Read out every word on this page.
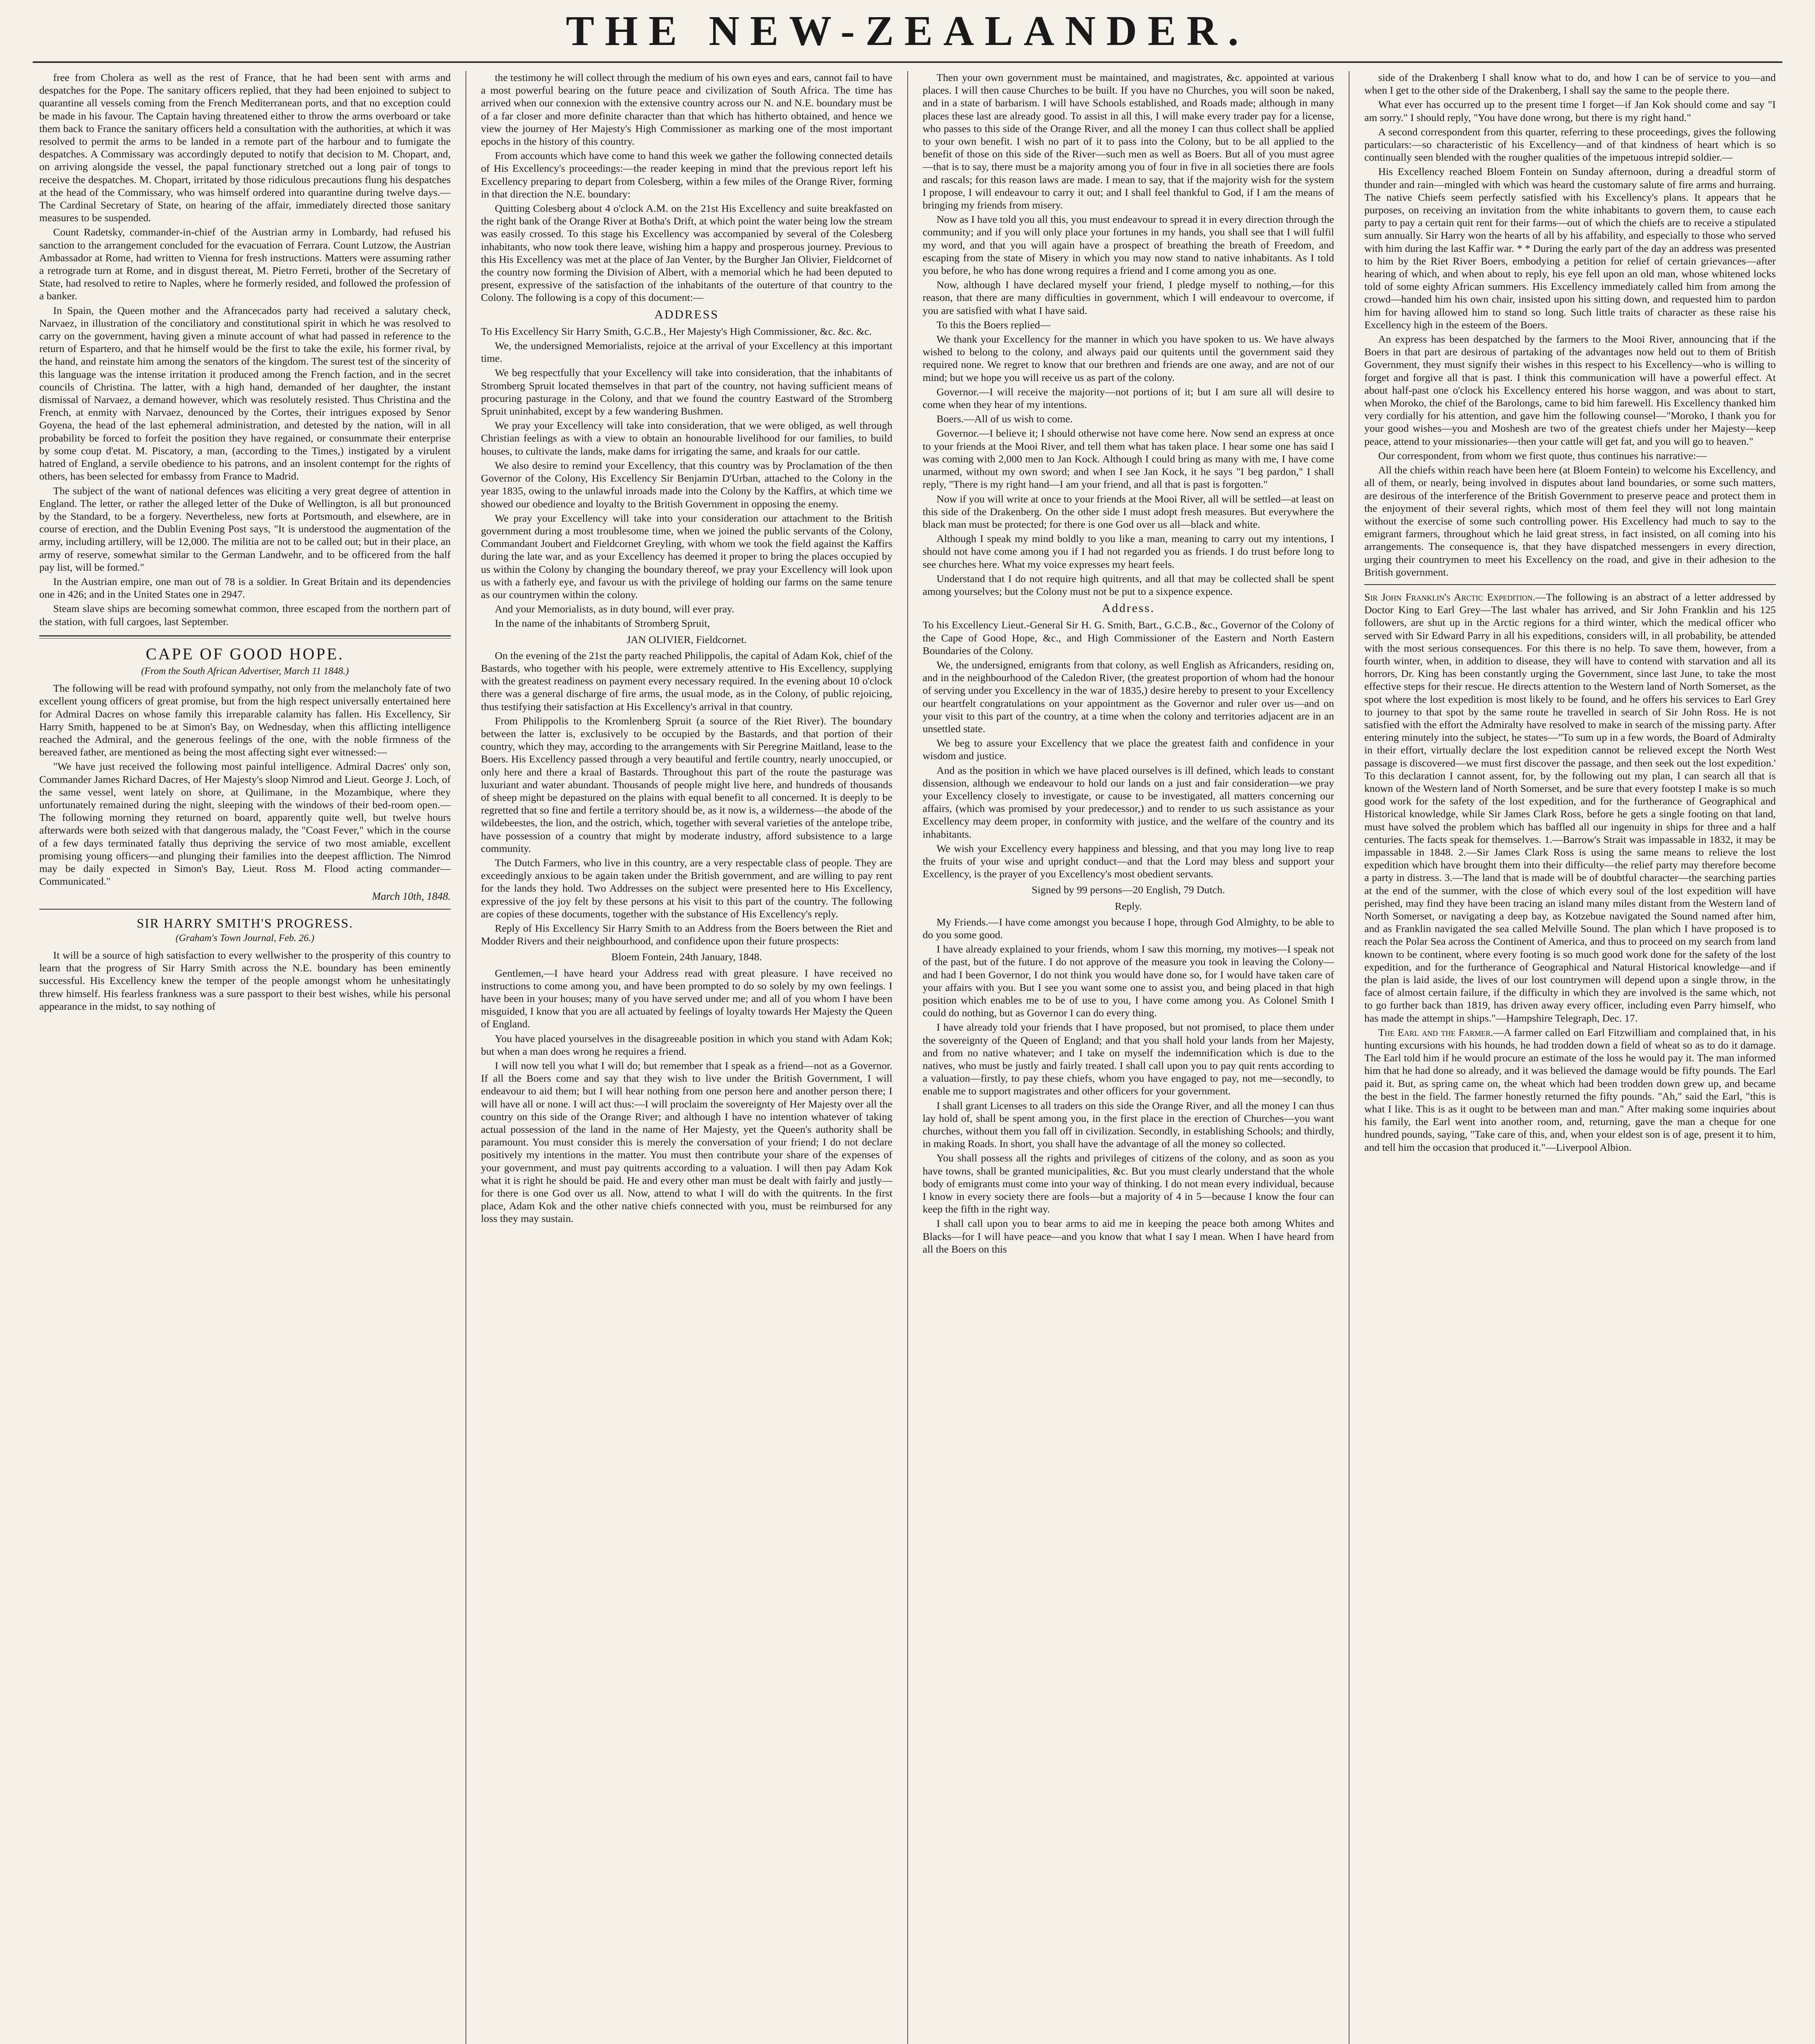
THE NEW-ZEALANDER.

free from Cholera as well as the rest of France, that he had been sent with arms and despatches for the Pope. The sanitary officers replied, that they had been enjoined to subject to quarantine all vessels coming from the French Mediterranean ports, and that no exception could be made in his favour. The Captain having threatened either to throw the arms overboard or take them back to France the sanitary officers held a consultation with the authorities, at which it was resolved to permit the arms to be landed in a remote part of the harbour and to fumigate the despatches. A Commissary was accordingly deputed to notify that decision to M. Chopart, and, on arriving alongside the vessel, the papal functionary stretched out a long pair of tongs to receive the despatches. M. Chopart, irritated by those ridiculous precautions flung his despatches at the head of the Commissary, who was himself ordered into quarantine during twelve days.—The Cardinal Secretary of State, on hearing of the affair, immediately directed those sanitary measures to be suspended.

Count Radetsky, commander-in-chief of the Austrian army in Lombardy, had refused his sanction to the arrangement concluded for the evacuation of Ferrara. Count Lutzow, the Austrian Ambassador at Rome, had written to Vienna for fresh instructions. Matters were assuming rather a retrograde turn at Rome, and in disgust thereat, M. Pietro Ferreti, brother of the Secretary of State, had resolved to retire to Naples, where he formerly resided, and followed the profession of a banker.

In Spain, the Queen mother and the Afrancecados party had received a salutary check, Narvaez, in illustration of the conciliatory and constitutional spirit in which he was resolved to carry on the government, having given a minute account of what had passed in reference to the return of Espartero, and that he himself would be the first to take the exile, his former rival, by the hand, and reinstate him among the senators of the kingdom. The surest test of the sincerity of this language was the intense irritation it produced among the French faction, and in the secret councils of Christina. The latter, with a high hand, demanded of her daughter, the instant dismissal of Narvaez, a demand however, which was resolutely resisted. Thus Christina and the French, at enmity with Narvaez, denounced by the Cortes, their intrigues exposed by Senor Goyena, the head of the last ephemeral administration, and detested by the nation, will in all probability be forced to forfeit the position they have regained, or consummate their enterprise by some coup d'etat. M. Piscatory, a man, (according to the Times,) instigated by a virulent hatred of England, a servile obedience to his patrons, and an insolent contempt for the rights of others, has been selected for embassy from France to Madrid.

The subject of the want of national defences was eliciting a very great degree of attention in England. The letter, or rather the alleged letter of the Duke of Wellington, is all but pronounced by the Standard, to be a forgery. Nevertheless, new forts at Portsmouth, and elsewhere, are in course of erection, and the Dublin Evening Post says, "It is understood the augmentation of the army, including artillery, will be 12,000. The militia are not to be called out; but in their place, an army of reserve, somewhat similar to the German Landwehr, and to be officered from the half pay list, will be formed."

In the Austrian empire, one man out of 78 is a soldier. In Great Britain and its dependencies one in 426; and in the United States one in 2947.

Steam slave ships are becoming somewhat common, three escaped from the northern part of the station, with full cargoes, last September.

CAPE OF GOOD HOPE.
(From the South African Advertiser, March 11 1848.)

The following will be read with profound sympathy, not only from the melancholy fate of two excellent young officers of great promise, but from the high respect universally entertained here for Admiral Dacres on whose family this irreparable calamity has fallen. His Excellency, Sir Harry Smith, happened to be at Simon's Bay, on Wednesday, when this afflicting intelligence reached the Admiral, and the generous feelings of the one, with the noble firmness of the bereaved father, are mentioned as being the most affecting sight ever witnessed:—

"We have just received the following most painful intelligence. Admiral Dacres' only son, Commander James Richard Dacres, of Her Majesty's sloop Nimrod and Lieut. George J. Loch, of the same vessel, went lately on shore, at Quilimane, in the Mozambique, where they unfortunately remained during the night, sleeping with the windows of their bed-room open.—The following morning they returned on board, apparently quite well, but twelve hours afterwards were both seized with that dangerous malady, the "Coast Fever," which in the course of a few days terminated fatally thus depriving the service of two most amiable, excellent promising young officers—and plunging their families into the deepest affliction. The Nimrod may be daily expected in Simon's Bay, Lieut. Ross M. Flood acting commander—Communicated."

March 10th, 1848.
SIR HARRY SMITH'S PROGRESS.
(Graham's Town Journal, Feb. 26.)

It will be a source of high satisfaction to every wellwisher to the prosperity of this country to learn that the progress of Sir Harry Smith across the N.E. boundary has been eminently successful. His Excellency knew the temper of the people amongst whom he unhesitatingly threw himself. His fearless frankness was a sure passport to their best wishes, while his personal appearance in the midst, to say nothing of

the testimony he will collect through the medium of his own eyes and ears, cannot fail to have a most powerful bearing on the future peace and civilization of South Africa. The time has arrived when our connexion with the extensive country across our N. and N.E. boundary must be of a far closer and more definite character than that which has hitherto obtained, and hence we view the journey of Her Majesty's High Commissioner as marking one of the most important epochs in the history of this country.

From accounts which have come to hand this week we gather the following connected details of His Excellency's proceedings:—the reader keeping in mind that the previous report left his Excellency preparing to depart from Colesberg, within a few miles of the Orange River, forming in that direction the N.E. boundary:

Quitting Colesberg about 4 o'clock A.M. on the 21st His Excellency and suite breakfasted on the right bank of the Orange River at Botha's Drift, at which point the water being low the stream was easily crossed. To this stage his Excellency was accompanied by several of the Colesberg inhabitants, who now took there leave, wishing him a happy and prosperous journey. Previous to this His Excellency was met at the place of Jan Venter, by the Burgher Jan Olivier, Fieldcornet of the country now forming the Division of Albert, with a memorial which he had been deputed to present, expressive of the satisfaction of the inhabitants of the outerture of that country to the Colony. The following is a copy of this document:—

ADDRESS

To His Excellency Sir Harry Smith, G.C.B., Her Majesty's High Commissioner, &c. &c. &c.

We, the undersigned Memorialists, rejoice at the arrival of your Excellency at this important time.

We beg respectfully that your Excellency will take into consideration, that the inhabitants of Stromberg Spruit located themselves in that part of the country, not having sufficient means of procuring pasturage in the Colony, and that we found the country Eastward of the Stromberg Spruit uninhabited, except by a few wandering Bushmen.

We pray your Excellency will take into consideration, that we were obliged, as well through Christian feelings as with a view to obtain an honourable livelihood for our families, to build houses, to cultivate the lands, make dams for irrigating the same, and kraals for our cattle.

We also desire to remind your Excellency, that this country was by Proclamation of the then Governor of the Colony, His Excellency Sir Benjamin D'Urban, attached to the Colony in the year 1835, owing to the unlawful inroads made into the Colony by the Kaffirs, at which time we showed our obedience and loyalty to the British Government in opposing the enemy.

We pray your Excellency will take into your consideration our attachment to the British government during a most troublesome time, when we joined the public servants of the Colony, Commandant Joubert and Fieldcornet Greyling, with whom we took the field against the Kaffirs during the late war, and as your Excellency has deemed it proper to bring the places occupied by us within the Colony by changing the boundary thereof, we pray your Excellency will look upon us with a fatherly eye, and favour us with the privilege of holding our farms on the same tenure as our countrymen within the colony.

And your Memorialists, as in duty bound, will ever pray.

In the name of the inhabitants of Stromberg Spruit,

JAN OLIVIER, Fieldcornet.

On the evening of the 21st the party reached Philippolis, the capital of Adam Kok, chief of the Bastards, who together with his people, were extremely attentive to His Excellency, supplying with the greatest readiness on payment every necessary required. In the evening about 10 o'clock there was a general discharge of fire arms, the usual mode, as in the Colony, of public rejoicing, thus testifying their satisfaction at His Excellency's arrival in that country.

From Philippolis to the Kromlenberg Spruit (a source of the Riet River). The boundary between the latter is, exclusively to be occupied by the Bastards, and that portion of their country, which they may, according to the arrangements with Sir Peregrine Maitland, lease to the Boers. His Excellency passed through a very beautiful and fertile country, nearly unoccupied, or only here and there a kraal of Bastards. Throughout this part of the route the pasturage was luxuriant and water abundant. Thousands of people might live here, and hundreds of thousands of sheep might be depastured on the plains with equal benefit to all concerned. It is deeply to be regretted that so fine and fertile a territory should be, as it now is, a wilderness—the abode of the wildebeestes, the lion, and the ostrich, which, together with several varieties of the antelope tribe, have possession of a country that might by moderate industry, afford subsistence to a large community.

The Dutch Farmers, who live in this country, are a very respectable class of people. They are exceedingly anxious to be again taken under the British government, and are willing to pay rent for the lands they hold. Two Addresses on the subject were presented here to His Excellency, expressive of the joy felt by these persons at his visit to this part of the country. The following are copies of these documents, together with the substance of His Excellency's reply.

Reply of His Excellency Sir Harry Smith to an Address from the Boers between the Riet and Modder Rivers and their neighbourhood, and confidence upon their future prospects:

Bloem Fontein, 24th January, 1848.

Gentlemen,—I have heard your Address read with great pleasure. I have received no instructions to come among you, and have been prompted to do so solely by my own feelings. I have been in your houses; many of you have served under me; and all of you whom I have been misguided, I know that you are all actuated by feelings of loyalty towards Her Majesty the Queen of England.

You have placed yourselves in the disagreeable position in which you stand with Adam Kok; but when a man does wrong he requires a friend.

I will now tell you what I will do; but remember that I speak as a friend—not as a Governor. If all the Boers come and say that they wish to live under the British Government, I will endeavour to aid them; but I will hear nothing from one person here and another person there; I will have all or none. I will act thus:—I will proclaim the sovereignty of Her Majesty over all the country on this side of the Orange River; and although I have no intention whatever of taking actual possession of the land in the name of Her Majesty, yet the Queen's authority shall be paramount. You must consider this is merely the conversation of your friend; I do not declare positively my intentions in the matter. You must then contribute your share of the expenses of your government, and must pay quitrents according to a valuation. I will then pay Adam Kok what it is right he should be paid. He and every other man must be dealt with fairly and justly—for there is one God over us all. Now, attend to what I will do with the quitrents. In the first place, Adam Kok and the other native chiefs connected with you, must be reimbursed for any loss they may sustain.

Then your own government must be maintained, and magistrates, &c. appointed at various places. I will then cause Churches to be built. If you have no Churches, you will soon be naked, and in a state of barbarism. I will have Schools established, and Roads made; although in many places these last are already good. To assist in all this, I will make every trader pay for a license, who passes to this side of the Orange River, and all the money I can thus collect shall be applied to your own benefit. I wish no part of it to pass into the Colony, but to be all applied to the benefit of those on this side of the River—such men as well as Boers. But all of you must agree—that is to say, there must be a majority among you of four in five in all societies there are fools and rascals; for this reason laws are made. I mean to say, that if the majority wish for the system I propose, I will endeavour to carry it out; and I shall feel thankful to God, if I am the means of bringing my friends from misery.

Now as I have told you all this, you must endeavour to spread it in every direction through the community; and if you will only place your fortunes in my hands, you shall see that I will fulfil my word, and that you will again have a prospect of breathing the breath of Freedom, and escaping from the state of Misery in which you may now stand to native inhabitants. As I told you before, he who has done wrong requires a friend and I come among you as one.

Now, although I have declared myself your friend, I pledge myself to nothing,—for this reason, that there are many difficulties in government, which I will endeavour to overcome, if you are satisfied with what I have said.

To this the Boers replied—

We thank your Excellency for the manner in which you have spoken to us. We have always wished to belong to the colony, and always paid our quitents until the government said they required none. We regret to know that our brethren and friends are one away, and are not of our mind; but we hope you will receive us as part of the colony.

Governor.—I will receive the majority—not portions of it; but I am sure all will desire to come when they hear of my intentions.

Boers.—All of us wish to come.

Governor.—I believe it; I should otherwise not have come here. Now send an express at once to your friends at the Mooi River, and tell them what has taken place. I hear some one has said I was coming with 2,000 men to Jan Kock. Although I could bring as many with me, I have come unarmed, without my own sword; and when I see Jan Kock, it he says "I beg pardon," I shall reply, "There is my right hand—I am your friend, and all that is past is forgotten."

Now if you will write at once to your friends at the Mooi River, all will be settled—at least on this side of the Drakenberg. On the other side I must adopt fresh measures. But everywhere the black man must be protected; for there is one God over us all—black and white.

Although I speak my mind boldly to you like a man, meaning to carry out my intentions, I should not have come among you if I had not regarded you as friends. I do trust before long to see churches here. What my voice expresses my heart feels.

Understand that I do not require high quitrents, and all that may be collected shall be spent among yourselves; but the Colony must not be put to a sixpence expence.

Address.

To his Excellency Lieut.-General Sir H. G. Smith, Bart., G.C.B., &c., Governor of the Colony of the Cape of Good Hope, &c., and High Commissioner of the Eastern and North Eastern Boundaries of the Colony.

We, the undersigned, emigrants from that colony, as well English as Africanders, residing on, and in the neighbourhood of the Caledon River, (the greatest proportion of whom had the honour of serving under you Excellency in the war of 1835,) desire hereby to present to your Excellency our heartfelt congratulations on your appointment as the Governor and ruler over us—and on your visit to this part of the country, at a time when the colony and territories adjacent are in an unsettled state.

We beg to assure your Excellency that we place the greatest faith and confidence in your wisdom and justice.

And as the position in which we have placed ourselves is ill defined, which leads to constant dissension, although we endeavour to hold our lands on a just and fair consideration—we pray your Excellency closely to investigate, or cause to be investigated, all matters concerning our affairs, (which was promised by your predecessor,) and to render to us such assistance as your Excellency may deem proper, in conformity with justice, and the welfare of the country and its inhabitants.

We wish your Excellency every happiness and blessing, and that you may long live to reap the fruits of your wise and upright conduct—and that the Lord may bless and support your Excellency, is the prayer of you Excellency's most obedient servants.

Signed by 99 persons—20 English, 79 Dutch.
Reply.

My Friends.—I have come amongst you because I hope, through God Almighty, to be able to do you some good.

I have already explained to your friends, whom I saw this morning, my motives—I speak not of the past, but of the future. I do not approve of the measure you took in leaving the Colony—and had I been Governor, I do not think you would have done so, for I would have taken care of your affairs with you. But I see you want some one to assist you, and being placed in that high position which enables me to be of use to you, I have come among you. As Colonel Smith I could do nothing, but as Governor I can do every thing.

I have already told your friends that I have proposed, but not promised, to place them under the sovereignty of the Queen of England; and that you shall hold your lands from her Majesty, and from no native whatever; and I take on myself the indemnification which is due to the natives, who must be justly and fairly treated. I shall call upon you to pay quit rents according to a valuation—firstly, to pay these chiefs, whom you have engaged to pay, not me—secondly, to enable me to support magistrates and other officers for your government.

I shall grant Licenses to all traders on this side the Orange River, and all the money I can thus lay hold of, shall be spent among you, in the first place in the erection of Churches—you want churches, without them you fall off in civilization. Secondly, in establishing Schools; and thirdly, in making Roads. In short, you shall have the advantage of all the money so collected.

You shall possess all the rights and privileges of citizens of the colony, and as soon as you have towns, shall be granted municipalities, &c. But you must clearly understand that the whole body of emigrants must come into your way of thinking. I do not mean every individual, because I know in every society there are fools—but a majority of 4 in 5—because I know the four can keep the fifth in the right way.

I shall call upon you to bear arms to aid me in keeping the peace both among Whites and Blacks—for I will have peace—and you know that what I say I mean. When I have heard from all the Boers on this

side of the Drakenberg I shall know what to do, and how I can be of service to you—and when I get to the other side of the Drakenberg, I shall say the same to the people there.

What ever has occurred up to the present time I forget—if Jan Kok should come and say "I am sorry." I should reply, "You have done wrong, but there is my right hand."

A second correspondent from this quarter, referring to these proceedings, gives the following particulars:—so characteristic of his Excellency—and of that kindness of heart which is so continually seen blended with the rougher qualities of the impetuous intrepid soldier.—

His Excellency reached Bloem Fontein on Sunday afternoon, during a dreadful storm of thunder and rain—mingled with which was heard the customary salute of fire arms and hurraing. The native Chiefs seem perfectly satisfied with his Excellency's plans. It appears that he purposes, on receiving an invitation from the white inhabitants to govern them, to cause each party to pay a certain quit rent for their farms—out of which the chiefs are to receive a stipulated sum annually. Sir Harry won the hearts of all by his affability, and especially to those who served with him during the last Kaffir war. * * During the early part of the day an address was presented to him by the Riet River Boers, embodying a petition for relief of certain grievances—after hearing of which, and when about to reply, his eye fell upon an old man, whose whitened locks told of some eighty African summers. His Excellency immediately called him from among the crowd—handed him his own chair, insisted upon his sitting down, and requested him to pardon him for having allowed him to stand so long. Such little traits of character as these raise his Excellency high in the esteem of the Boers.

An express has been despatched by the farmers to the Mooi River, announcing that if the Boers in that part are desirous of partaking of the advantages now held out to them of British Government, they must signify their wishes in this respect to his Excellency—who is willing to forget and forgive all that is past. I think this communication will have a powerful effect. At about half-past one o'clock his Excellency entered his horse waggon, and was about to start, when Moroko, the chief of the Barolongs, came to bid him farewell. His Excellency thanked him very cordially for his attention, and gave him the following counsel—"Moroko, I thank you for your good wishes—you and Moshesh are two of the greatest chiefs under her Majesty—keep peace, attend to your missionaries—then your cattle will get fat, and you will go to heaven."

Our correspondent, from whom we first quote, thus continues his narrative:—

All the chiefs within reach have been here (at Bloem Fontein) to welcome his Excellency, and all of them, or nearly, being involved in disputes about land boundaries, or some such matters, are desirous of the interference of the British Government to preserve peace and protect them in the enjoyment of their several rights, which most of them feel they will not long maintain without the exercise of some such controlling power. His Excellency had much to say to the emigrant farmers, throughout which he laid great stress, in fact insisted, on all coming into his arrangements. The consequence is, that they have dispatched messengers in every direction, urging their countrymen to meet his Excellency on the road, and give in their adhesion to the British government.

Sir John Franklin's Arctic Expedition.—The following is an abstract of a letter addressed by Doctor King to Earl Grey—The last whaler has arrived, and Sir John Franklin and his 125 followers, are shut up in the Arctic regions for a third winter, which the medical officer who served with Sir Edward Parry in all his expeditions, considers will, in all probability, be attended with the most serious consequences. For this there is no help. To save them, however, from a fourth winter, when, in addition to disease, they will have to contend with starvation and all its horrors, Dr. King has been constantly urging the Government, since last June, to take the most effective steps for their rescue. He directs attention to the Western land of North Somerset, as the spot where the lost expedition is most likely to be found, and he offers his services to Earl Grey to journey to that spot by the same route he travelled in search of Sir John Ross. He is not satisfied with the effort the Admiralty have resolved to make in search of the missing party. After entering minutely into the subject, he states—"To sum up in a few words, the Board of Admiralty in their effort, virtually declare the lost expedition cannot be relieved except the North West passage is discovered—we must first discover the passage, and then seek out the lost expedition.' To this declaration I cannot assent, for, by the following out my plan, I can search all that is known of the Western land of North Somerset, and be sure that every footstep I make is so much good work for the safety of the lost expedition, and for the furtherance of Geographical and Historical knowledge, while Sir James Clark Ross, before he gets a single footing on that land, must have solved the problem which has baffled all our ingenuity in ships for three and a half centuries. The facts speak for themselves. 1.—Barrow's Strait was impassable in 1832, it may be impassable in 1848. 2.—Sir James Clark Ross is using the same means to relieve the lost expedition which have brought them into their difficulty—the relief party may therefore become a party in distress. 3.—The land that is made will be of doubtful character—the searching parties at the end of the summer, with the close of which every soul of the lost expedition will have perished, may find they have been tracing an island many miles distant from the Western land of North Somerset, or navigating a deep bay, as Kotzebue navigated the Sound named after him, and as Franklin navigated the sea called Melville Sound. The plan which I have proposed is to reach the Polar Sea across the Continent of America, and thus to proceed on my search from land known to be continent, where every footing is so much good work done for the safety of the lost expedition, and for the furtherance of Geographical and Natural Historical knowledge—and if the plan is laid aside, the lives of our lost countrymen will depend upon a single throw, in the face of almost certain failure, if the difficulty in which they are involved is the same which, not to go further back than 1819, has driven away every officer, including even Parry himself, who has made the attempt in ships."—Hampshire Telegraph, Dec. 17.

The Earl and the Farmer.—A farmer called on Earl Fitzwilliam and complained that, in his hunting excursions with his hounds, he had trodden down a field of wheat so as to do it damage. The Earl told him if he would procure an estimate of the loss he would pay it. The man informed him that he had done so already, and it was believed the damage would be fifty pounds. The Earl paid it. But, as spring came on, the wheat which had been trodden down grew up, and became the best in the field. The farmer honestly returned the fifty pounds. "Ah," said the Earl, "this is what I like. This is as it ought to be between man and man." After making some inquiries about his family, the Earl went into another room, and, returning, gave the man a cheque for one hundred pounds, saying, "Take care of this, and, when your eldest son is of age, present it to him, and tell him the occasion that produced it."—Liverpool Albion.
